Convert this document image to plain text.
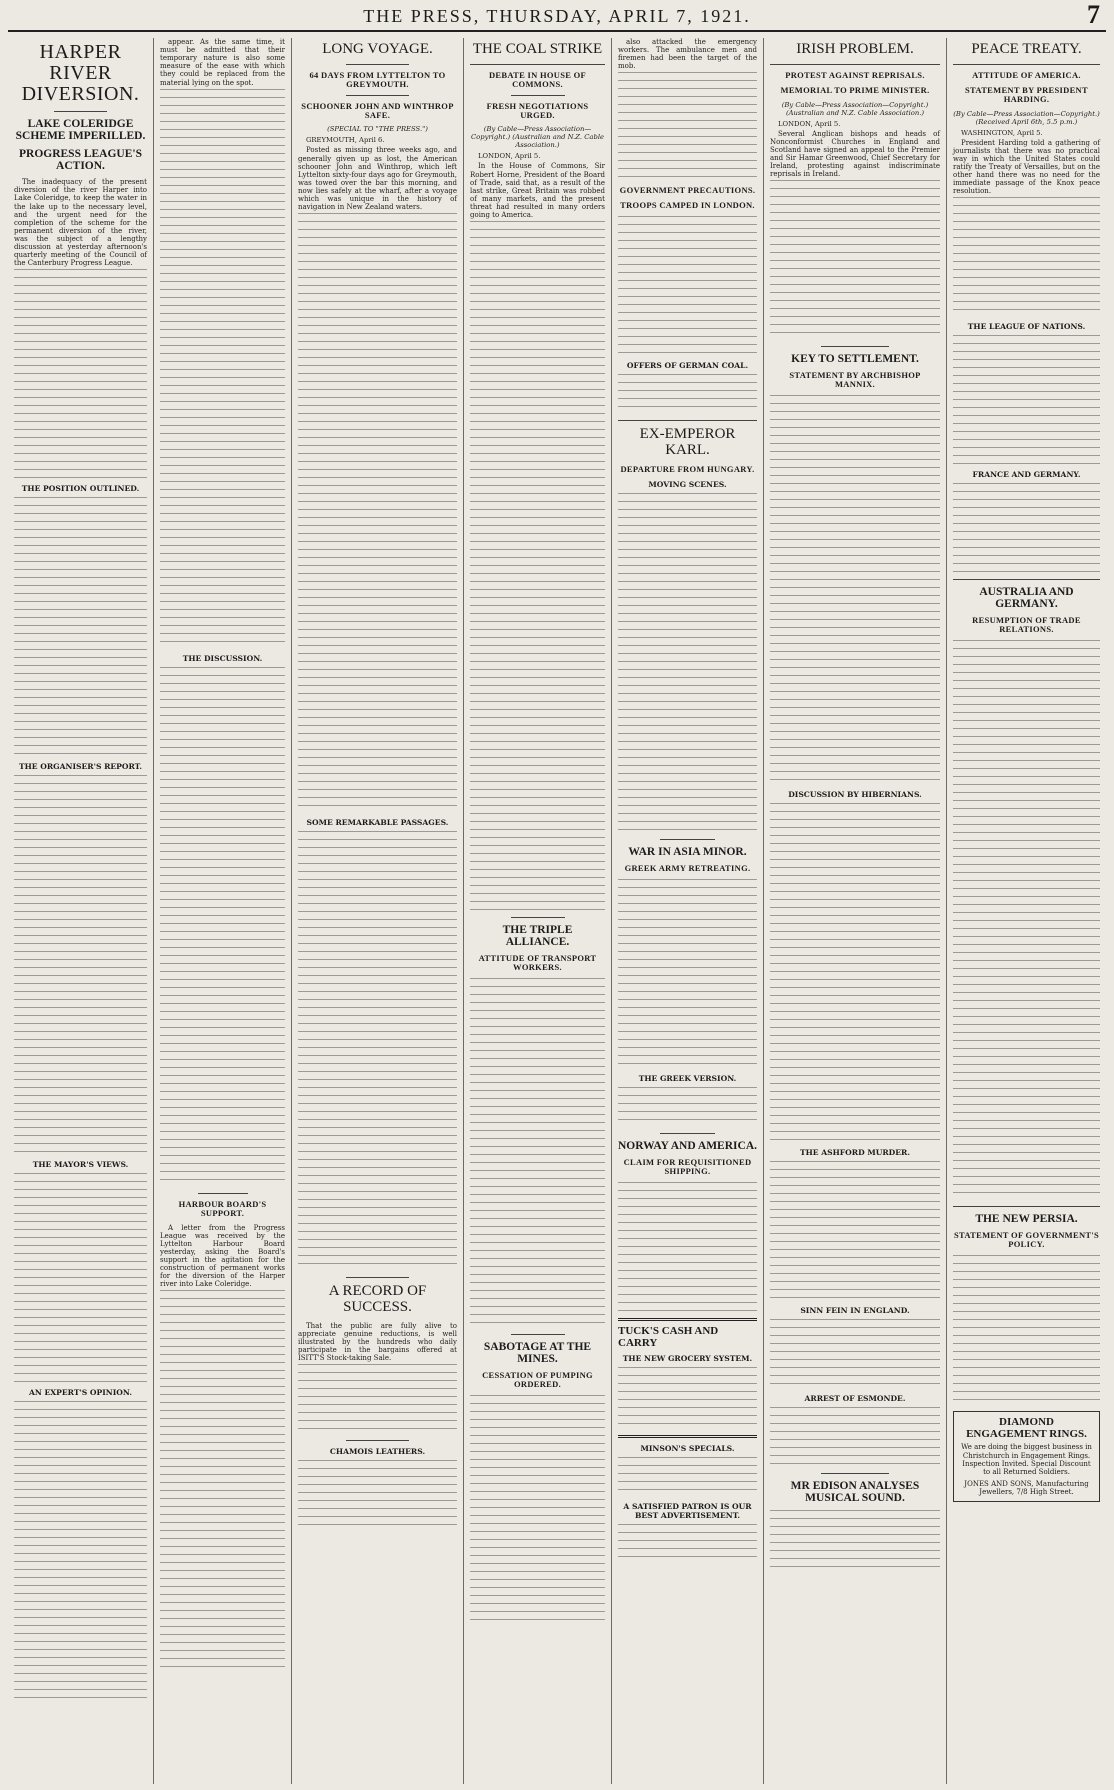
THE PRESS, THURSDAY, APRIL 7, 1921.	7
HARPER RIVER DIVERSION.
LAKE COLERIDGE SCHEME IMPERILLED.
PROGRESS LEAGUE'S ACTION.

The inadequacy of the present diversion of the river Harper into Lake Coleridge, to keep the water in the lake up to the necessary level, and the urgent need for the completion of the scheme for the permanent diversion of the river, was the subject of a lengthy discussion at yesterday afternoon's quarterly meeting of the Council of the Canterbury Progress League.

THE POSITION OUTLINED.
THE ORGANISER'S REPORT.
THE MAYOR'S VIEWS.
AN EXPERT'S OPINION.

appear. As the same time, it must be admitted that their temporary nature is also some measure of the ease with which they could be replaced from the material lying on the spot.

THE DISCUSSION.
HARBOUR BOARD'S SUPPORT.

A letter from the Progress League was received by the Lyttelton Harbour Board yesterday, asking the Board's support in the agitation for the construction of permanent works for the diversion of the Harper river into Lake Coleridge.

LONG VOYAGE.
64 DAYS FROM LYTTELTON TO GREYMOUTH.
SCHOONER JOHN AND WINTHROP SAFE.
(SPECIAL TO "THE PRESS.")
GREYMOUTH, April 6.

Posted as missing three weeks ago, and generally given up as lost, the American schooner John and Winthrop, which left Lyttelton sixty-four days ago for Greymouth, was towed over the bar this morning, and now lies safely at the wharf, after a voyage which was unique in the history of navigation in New Zealand waters.

SOME REMARKABLE PASSAGES.
A RECORD OF SUCCESS.

That the public are fully alive to appreciate genuine reductions, is well illustrated by the hundreds who daily participate in the bargains offered at ISITT'S Stock-taking Sale.

CHAMOIS LEATHERS.
THE COAL STRIKE
DEBATE IN HOUSE OF COMMONS.
FRESH NEGOTIATIONS URGED.
(By Cable—Press Association—Copyright.) (Australian and N.Z. Cable Association.)
LONDON, April 5.

In the House of Commons, Sir Robert Horne, President of the Board of Trade, said that, as a result of the last strike, Great Britain was robbed of many markets, and the present threat had resulted in many orders going to America.

THE TRIPLE ALLIANCE.
ATTITUDE OF TRANSPORT WORKERS.
SABOTAGE AT THE MINES.
CESSATION OF PUMPING ORDERED.

also attacked the emergency workers. The ambulance men and firemen had been the target of the mob.

GOVERNMENT PRECAUTIONS.
TROOPS CAMPED IN LONDON.
OFFERS OF GERMAN COAL.
EX-EMPEROR KARL.
DEPARTURE FROM HUNGARY.
MOVING SCENES.
WAR IN ASIA MINOR.
GREEK ARMY RETREATING.
THE GREEK VERSION.
NORWAY AND AMERICA.
CLAIM FOR REQUISITIONED SHIPPING.
TUCK'S CASH AND CARRY
THE NEW GROCERY SYSTEM.
MINSON'S SPECIALS.
A SATISFIED PATRON IS OUR BEST ADVERTISEMENT.
IRISH PROBLEM.
PROTEST AGAINST REPRISALS.
MEMORIAL TO PRIME MINISTER.
(By Cable—Press Association—Copyright.) (Australian and N.Z. Cable Association.)
LONDON, April 5.

Several Anglican bishops and heads of Nonconformist Churches in England and Scotland have signed an appeal to the Premier and Sir Hamar Greenwood, Chief Secretary for Ireland, protesting against indiscriminate reprisals in Ireland.

KEY TO SETTLEMENT.
STATEMENT BY ARCHBISHOP MANNIX.
DISCUSSION BY HIBERNIANS.
THE ASHFORD MURDER.
SINN FEIN IN ENGLAND.
ARREST OF ESMONDE.
MR EDISON ANALYSES MUSICAL SOUND.
PEACE TREATY.
ATTITUDE OF AMERICA.
STATEMENT BY PRESIDENT HARDING.
(By Cable—Press Association—Copyright.) (Received April 6th, 5.5 p.m.)
WASHINGTON, April 5.

President Harding told a gathering of journalists that there was no practical way in which the United States could ratify the Treaty of Versailles, but on the other hand there was no need for the immediate passage of the Knox peace resolution.

THE LEAGUE OF NATIONS.
FRANCE AND GERMANY.
AUSTRALIA AND GERMANY.
RESUMPTION OF TRADE RELATIONS.
THE NEW PERSIA.
STATEMENT OF GOVERNMENT'S POLICY.
DIAMOND ENGAGEMENT RINGS.
We are doing the biggest business in Christchurch in Engagement Rings. Inspection Invited. Special Discount to all Returned Soldiers.
JONES AND SONS, Manufacturing Jewellers, 7/8 High Street.
